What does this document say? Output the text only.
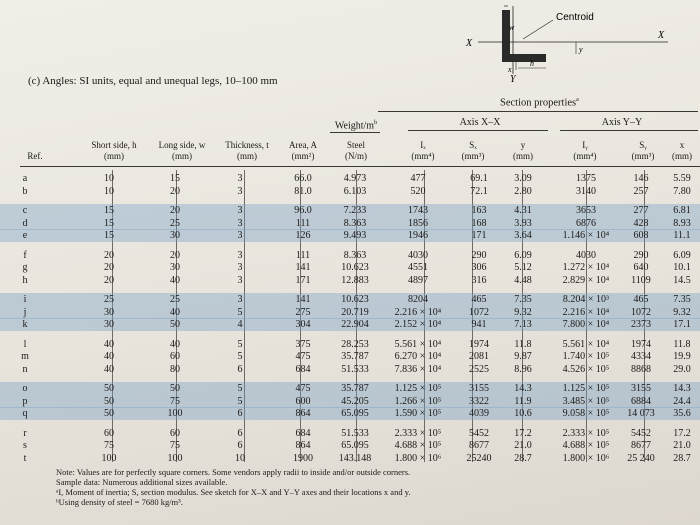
Centroid
w
h
X
X
Y
y
x
(c) Angles: SI units, equal and unequal legs, 10–100 mm
Section properties$^a$
Axis X–X	Axis Y–Y
Weight/$m^b$
Ref.
Short side, h
(mm)
Long side, w
(mm)
Thickness, t
(mm)
Area, A
(mm²)
Steel
(N/m)
Iₓ
(mm⁴)
Sₓ
(mm³)
y
(mm)
Iᵧ
(mm⁴)
Sᵧ
(mm³)
x
(mm)
a	10	15	3	66.0	4.973	477	69.1	3.09	1375	146	5.59
b	10	20	3	81.0	6.103	520	72.1	2.80	3140	257	7.80
c	15	20	3	96.0	7.233	1743	163	4.31	3653	277	6.81
d	15	25	3	111	8.363	1856	168	3.93	6876	428	8.93
e	15	30	3	126	9.493	1946	171	3.64	1.146 × 10⁴	608	11.1
f	20	20	3	111	8.363	4030	290	6.09	4030	290	6.09
g	20	30	3	141	10.623	4551	306	5.12	1.272 × 10⁴	640	10.1
h	20	40	3	171	12.883	4897	316	4.48	2.829 × 10⁴	1109	14.5
i	25	25	3	141	10.623	8204	465	7.35	8.204 × 10³	465	7.35
j	30	40	5	275	20.719	2.216 × 10⁴	1072	9.32	2.216 × 10⁴	1072	9.32
k	30	50	4	304	22.904	2.152 × 10⁴	941	7.13	7.800 × 10⁴	2373	17.1
l	40	40	5	375	28.253	5.561 × 10⁴	1974	11.8	5.561 × 10⁴	1974	11.8
m	40	60	5	475	35.787	6.270 × 10⁴	2081	9.87	1.740 × 10⁵	4334	19.9
n	40	80	6	684	51.533	7.836 × 10⁴	2525	8.96	4.526 × 10⁵	8868	29.0
o	50	50	5	475	35.787	1.125 × 10⁵	3155	14.3	1.125 × 10⁵	3155	14.3
p	50	75	5	600	45.205	1.266 × 10⁵	3322	11.9	3.485 × 10⁵	6884	24.4
q	50	100	6	864	65.095	1.590 × 10⁵	4039	10.6	9.058 × 10⁵	14 073	35.6
r	60	60	6	684	51.533	2.333 × 10⁵	5452	17.2	2.333 × 10⁵	5452	17.2
s	75	75	6	864	65.095	4.688 × 10⁵	8677	21.0	4.688 × 10⁵	8677	21.0
t	100	100	10	1900	143.148	1.800 × 10⁶	25240	28.7	1.800 × 10⁶	25 240	28.7
Note: Values are for perfectly square corners. Some vendors apply radii to inside and/or outside corners.
Sample data: Numerous additional sizes available.
ᵃI, Moment of inertia; S, section modulus. See sketch for X–X and Y–Y axes and their locations x and y.
ᵇUsing density of steel = 7680 kg/m³.
